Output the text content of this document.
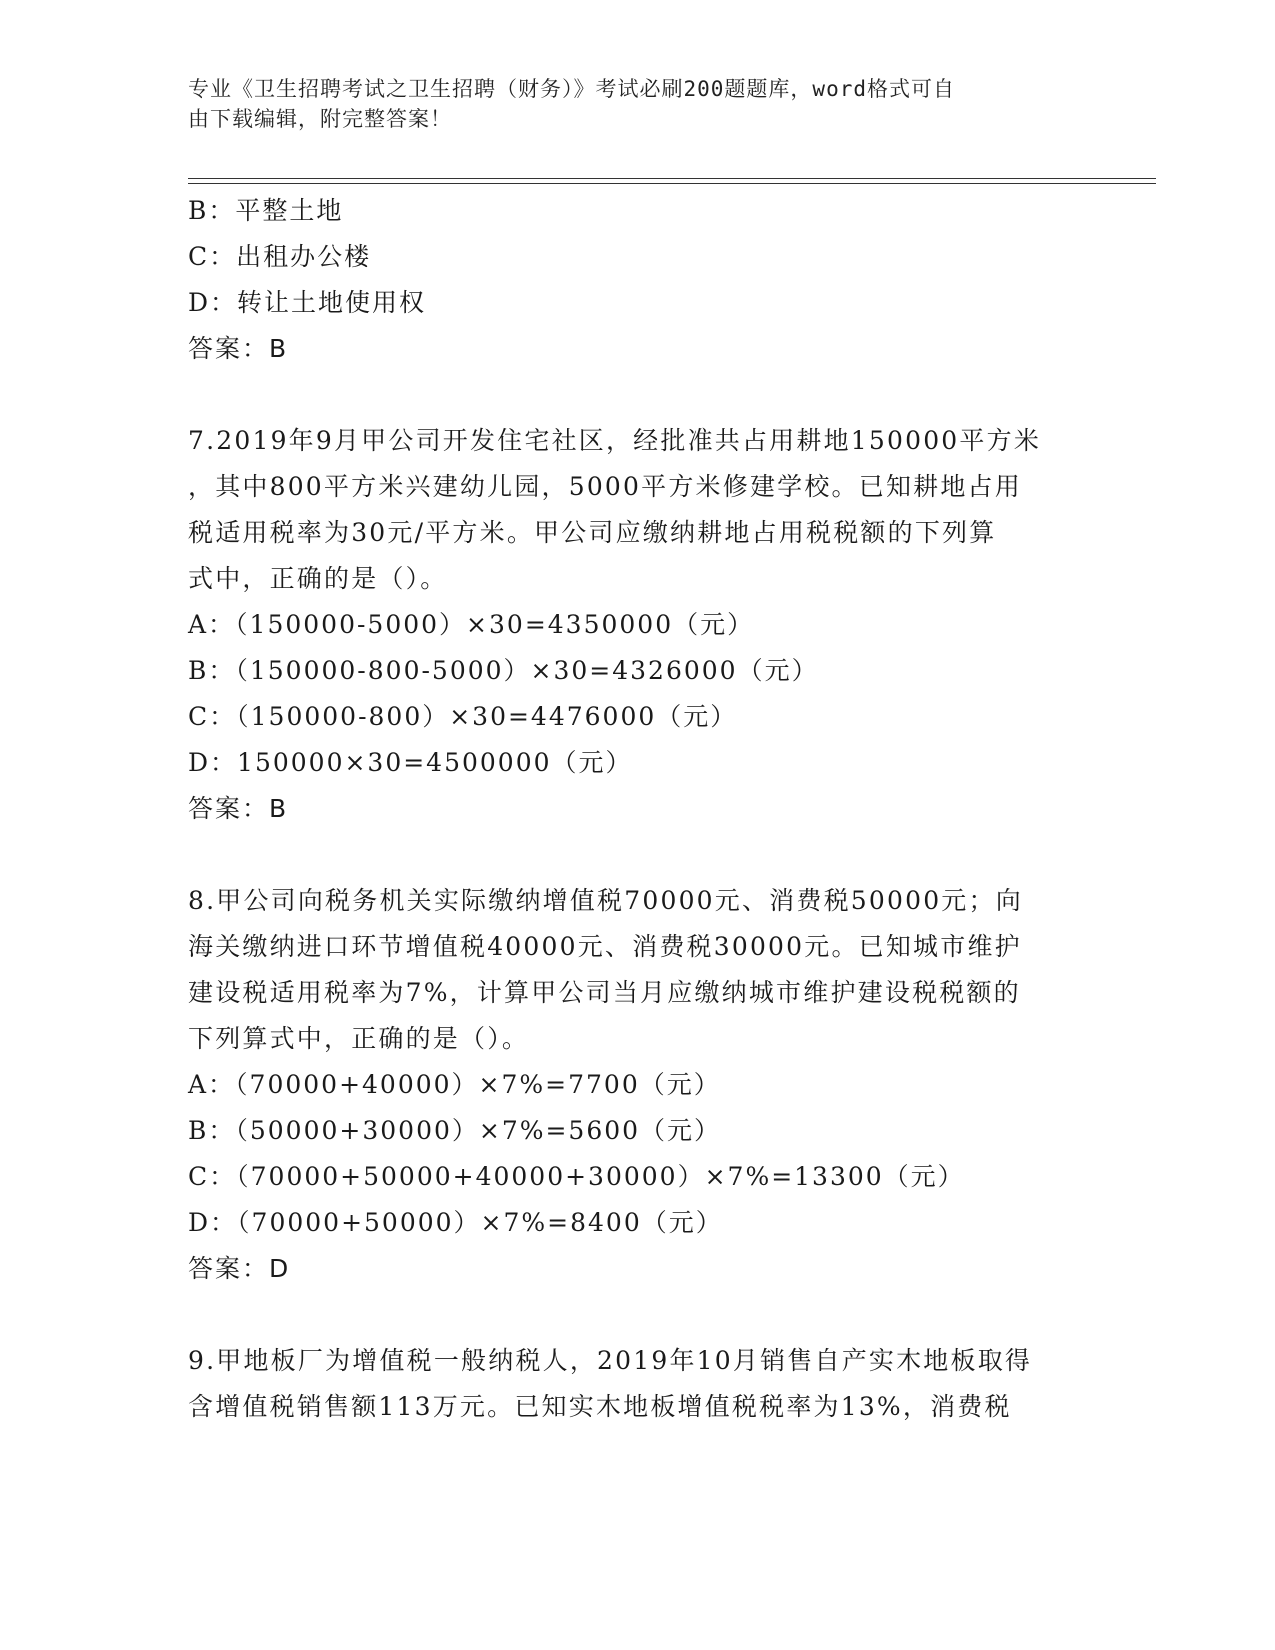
专业《卫生招聘考试之卫生招聘（财务）》考试必刷200题题库，word格式可自
由下载编辑，附完整答案！
B：平整土地
C：出租办公楼
D：转让土地使用权
答案：B
7.2019年9月甲公司开发住宅社区，经批准共占用耕地150000平方米
，其中800平方米兴建幼儿园，5000平方米修建学校。已知耕地占用
税适用税率为30元/平方米。甲公司应缴纳耕地占用税税额的下列算
式中，正确的是（）。
A：（150000-5000）×30=4350000（元）
B：（150000-800-5000）×30=4326000（元）
C：（150000-800）×30=4476000（元）
D：150000×30=4500000（元）
答案：B
8.甲公司向税务机关实际缴纳增值税70000元、消费税50000元；向
海关缴纳进口环节增值税40000元、消费税30000元。已知城市维护
建设税适用税率为7%，计算甲公司当月应缴纳城市维护建设税税额的
下列算式中，正确的是（）。
A：（70000+40000）×7%=7700（元）
B：（50000+30000）×7%=5600（元）
C：（70000+50000+40000+30000）×7%=13300（元）
D：（70000+50000）×7%=8400（元）
答案：D
9.甲地板厂为增值税一般纳税人，2019年10月销售自产实木地板取得
含增值税销售额113万元。已知实木地板增值税税率为13%，消费税
